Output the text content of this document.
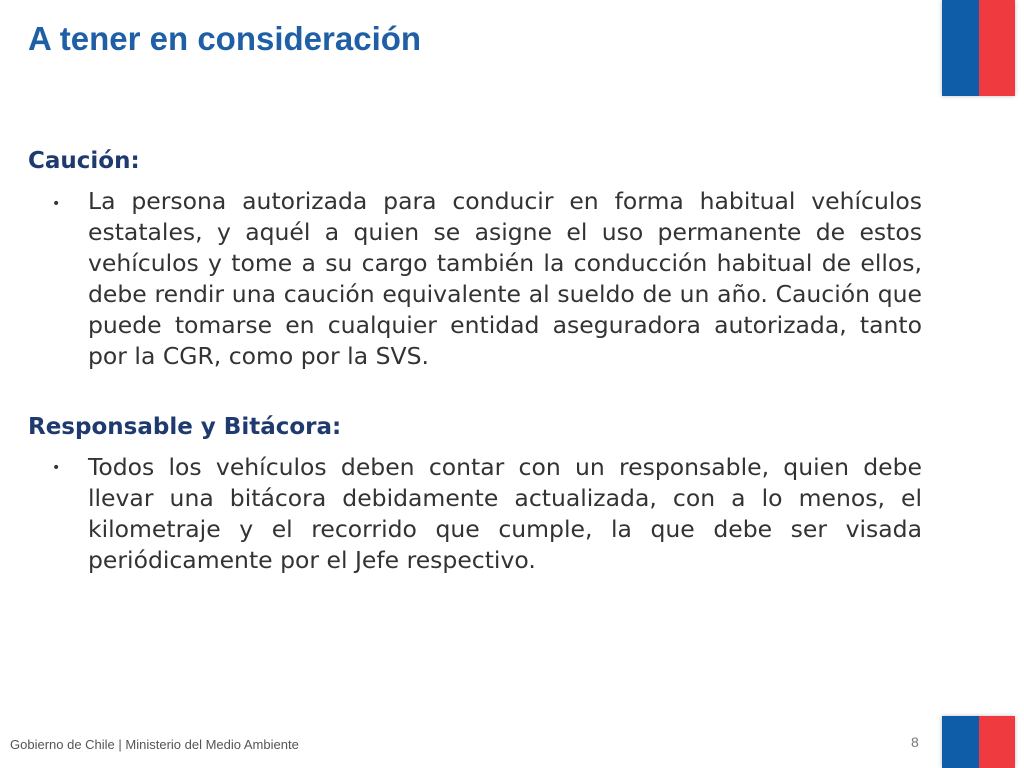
A tener en consideración
Caución:
• La persona autorizada para conducir en forma habitual vehículos estatales, y aquél a quien se asigne el uso permanente de estos vehículos y tome a su cargo también la conducción habitual de ellos, debe rendir una caución equivalente al sueldo de un año. Caución que puede tomarse en cualquier entidad aseguradora autorizada, tanto por la CGR, como por la SVS.

Responsable y Bitácora:
• Todos los vehículos deben contar con un responsable, quien debe llevar una bitácora debidamente actualizada, con a lo menos, el kilometraje y el recorrido que cumple, la que debe ser visada periódicamente por el Jefe respectivo.

Gobierno de Chile | Ministerio del Medio Ambiente	8
